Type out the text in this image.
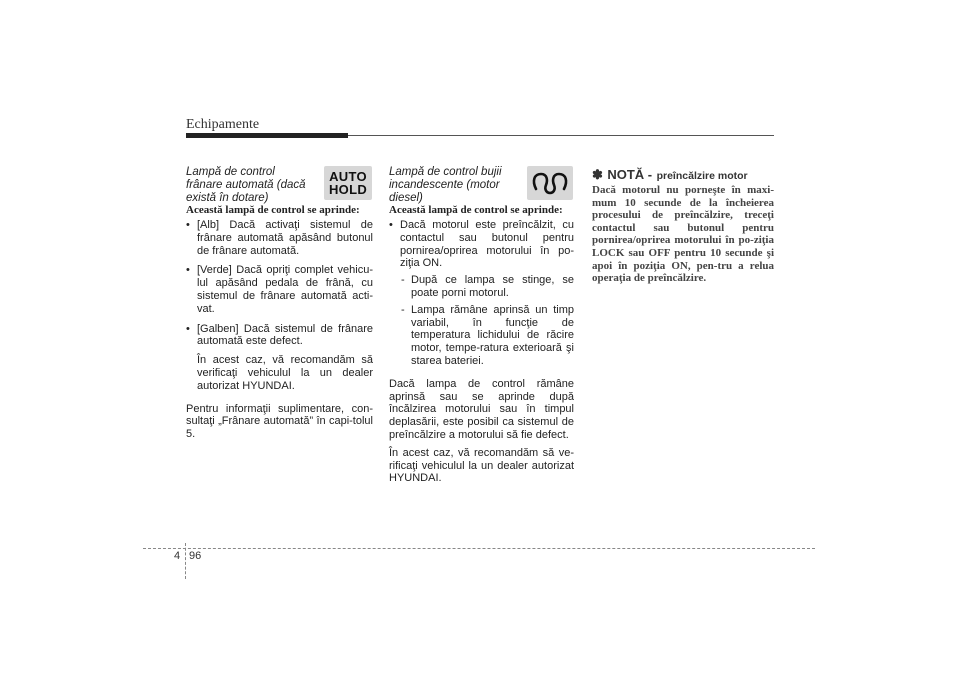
Echipamente
Lampă de control
frânare automată (dacă
există în dotare)
Această lampă de control se aprinde:
• [Alb] Dacă activaţi sistemul de frânare automată apăsând butonul de frânare automată.
• [Verde] Dacă opriţi complet vehicu-lul apăsând pedala de frână, cu sistemul de frânare automată acti-vat.
• [Galben] Dacă sistemul de frânare automată este defect.
În acest caz, vă recomandăm să verificaţi vehiculul la un dealer autorizat HYUNDAI.
Pentru informaţii suplimentare, con-sultaţi „Frânare automată” în capi-tolul 5.
AUTO
HOLD
Lampă de control bujii
incandescente (motor
diesel)
Această lampă de control se aprinde:
• Dacă motorul este preîncălzit, cu contactul sau butonul pentru pornirea/oprirea motorului în po-ziţia ON.
- După ce lampa se stinge, se poate porni motorul.
- Lampa rămâne aprinsă un timp variabil, în funcţie de temperatura lichidului de răcire motor, tempe-ratura exterioară şi starea bateriei.
Dacă lampa de control rămâne aprinsă sau se aprinde după încălzirea motorului sau în timpul deplasării, este posibil ca sistemul de preîncălzire a motorului să fie defect.
În acest caz, vă recomandăm să ve-rificaţi vehiculul la un dealer autorizat HYUNDAI.
✽ NOTĂ - preîncălzire motor
Dacă motorul nu porneşte în maxi-mum 10 secunde de la încheierea procesului de preîncălzire, treceţi contactul sau butonul pentru pornirea/oprirea motorului în po-ziţia LOCK sau OFF pentru 10 secunde şi apoi în poziţia ON, pen-tru a relua operaţia de preîncălzire.
4 96
